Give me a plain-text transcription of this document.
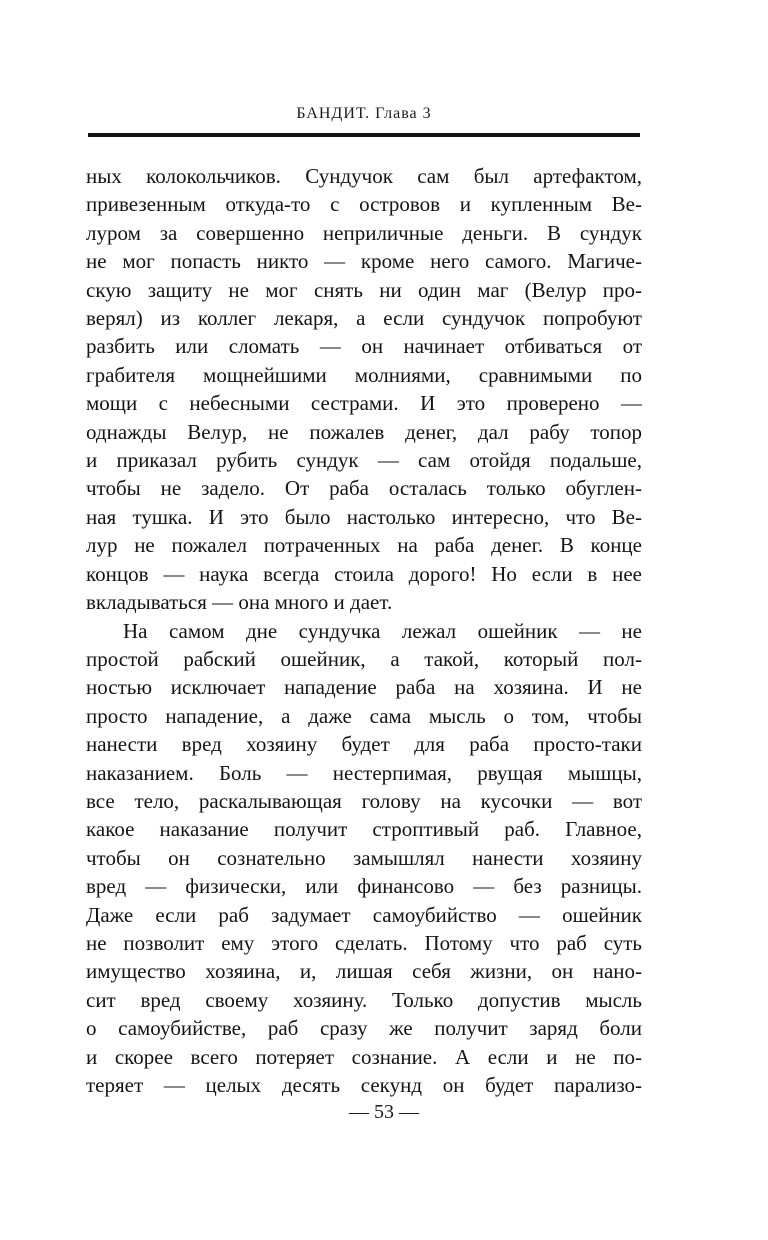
БАНДИТ. Глава 3
ных колокольчиков. Сундучок сам был артефактом,
привезенным откуда-то с островов и купленным Ве-
луром за совершенно неприличные деньги. В сундук
не мог попасть никто — кроме него самого. Магиче-
скую защиту не мог снять ни один маг (Велур про-
верял) из коллег лекаря, а если сундучок попробуют
разбить или сломать — он начинает отбиваться от
грабителя мощнейшими молниями, сравнимыми по
мощи с небесными сестрами. И это проверено —
однажды Велур, не пожалев денег, дал рабу топор
и приказал рубить сундук — сам отойдя подальше,
чтобы не задело. От раба осталась только обуглен-
ная тушка. И это было настолько интересно, что Ве-
лур не пожалел потраченных на раба денег. В конце
концов — наука всегда стоила дорого! Но если в нее
вкладываться — она много и дает.
На самом дне сундучка лежал ошейник — не
простой рабский ошейник, а такой, который пол-
ностью исключает нападение раба на хозяина. И не
просто нападение, а даже сама мысль о том, чтобы
нанести вред хозяину будет для раба просто-таки
наказанием. Боль — нестерпимая, рвущая мышцы,
все тело, раскалывающая голову на кусочки — вот
какое наказание получит строптивый раб. Главное,
чтобы он сознательно замышлял нанести хозяину
вред — физически, или финансово — без разницы.
Даже если раб задумает самоубийство — ошейник
не позволит ему этого сделать. Потому что раб суть
имущество хозяина, и, лишая себя жизни, он нано-
сит вред своему хозяину. Только допустив мысль
о самоубийстве, раб сразу же получит заряд боли
и скорее всего потеряет сознание. А если и не по-
теряет — целых десять секунд он будет парализо-
— 53 —
